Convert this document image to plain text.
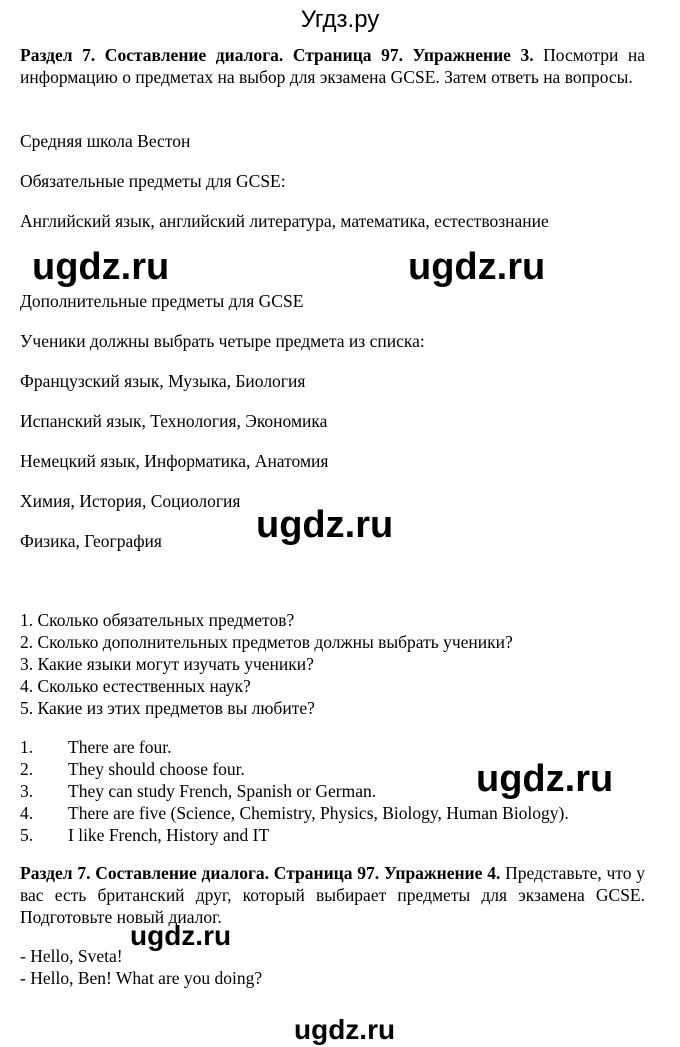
Угдз.ру
Раздел 7. Составление диалога. Страница 97. Упражнение 3. Посмотри на информацию о предметах на выбор для экзамена GCSE. Затем ответь на вопросы.
Средняя школа Вестон
Обязательные предметы для GCSE:
Английский язык, английский литература, математика, естествознание
Дополнительные предметы для GCSE
Ученики должны выбрать четыре предмета из списка:
Французский язык, Музыка, Биология
Испанский язык, Технология, Экономика
Немецкий язык, Информатика, Анатомия
Химия, История, Социология
Физика, География
1. Сколько обязательных предметов?
2. Сколько дополнительных предметов должны выбрать ученики?
3. Какие языки могут изучать ученики?
4. Сколько естественных наук?
5. Какие из этих предметов вы любите?
1.	There are four.
2.	They should choose four.
3.	They can study French, Spanish or German.
4.	There are five (Science, Chemistry, Physics, Biology, Human Biology).
5.	I like French, History and IT
Раздел 7. Составление диалога. Страница 97. Упражнение 4. Представьте, что у вас есть британский друг, который выбирает предметы для экзамена GCSE. Подготовьте новый диалог.
- Hello, Sveta!
- Hello, Ben! What are you doing?
ugdz.ru	ugdz.ru
ugdz.ru
ugdz.ru
ugdz.ru
ugdz.ru
